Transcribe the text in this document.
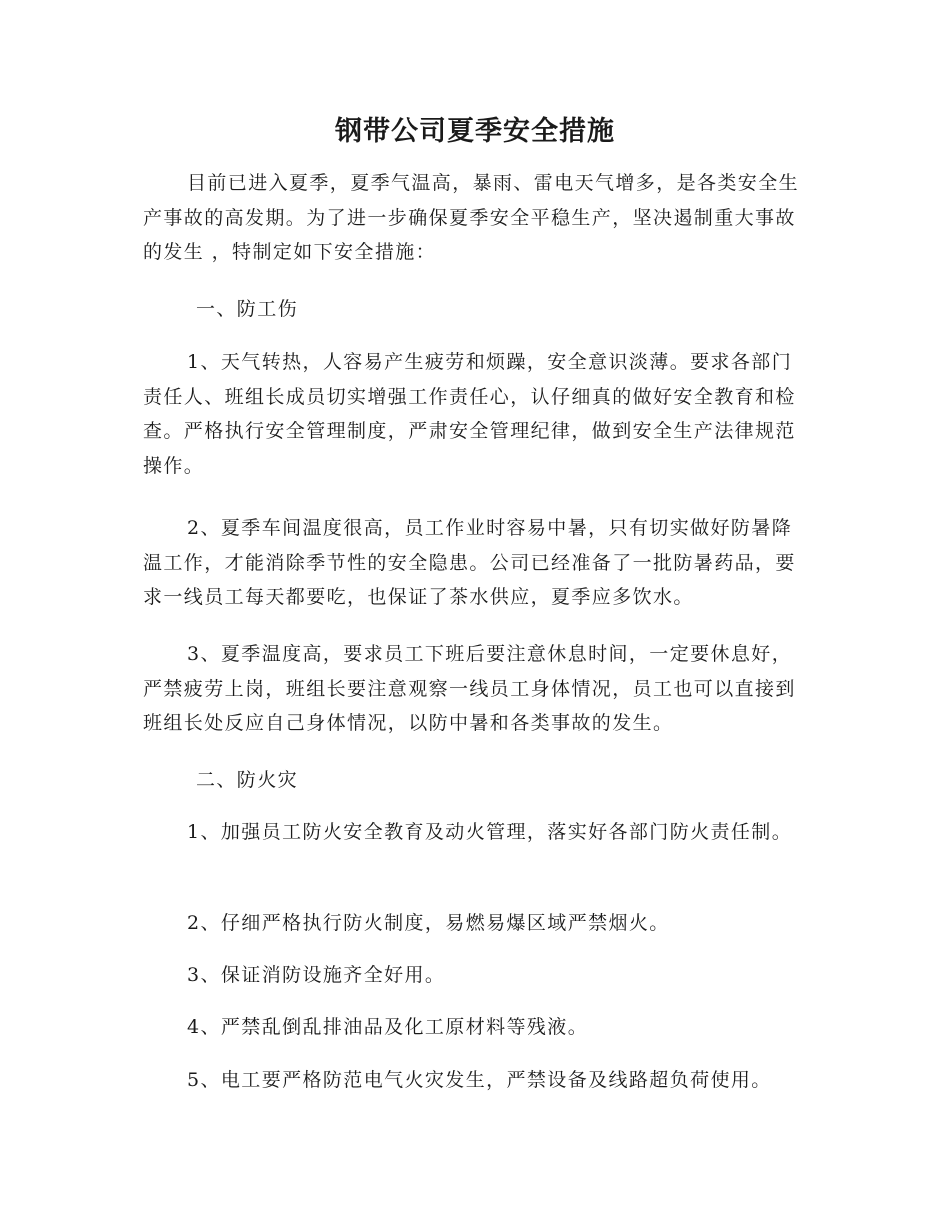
钢带公司夏季安全措施

目前已进入夏季，夏季气温高，暴雨、雷电天气增多，是各类安全生产事故的高发期。为了进一步确保夏季安全平稳生产，坚决遏制重大事故的发生 ，特制定如下安全措施：

一、防工伤

1、天气转热，人容易产生疲劳和烦躁，安全意识淡薄。要求各部门责任人、班组长成员切实增强工作责任心，认仔细真的做好安全教育和检查。严格执行安全管理制度，严肃安全管理纪律，做到安全生产法律规范操作。

2、夏季车间温度很高，员工作业时容易中暑，只有切实做好防暑降温工作，才能消除季节性的安全隐患。公司已经准备了一批防暑药品，要求一线员工每天都要吃，也保证了茶水供应，夏季应多饮水。

3、夏季温度高，要求员工下班后要注意休息时间，一定要休息好，严禁疲劳上岗，班组长要注意观察一线员工身体情况，员工也可以直接到班组长处反应自己身体情况，以防中暑和各类事故的发生。

二、防火灾

1、加强员工防火安全教育及动火管理，落实好各部门防火责任制。

2、仔细严格执行防火制度，易燃易爆区域严禁烟火。

3、保证消防设施齐全好用。

4、严禁乱倒乱排油品及化工原材料等残液。

5、电工要严格防范电气火灾发生，严禁设备及线路超负荷使用。
